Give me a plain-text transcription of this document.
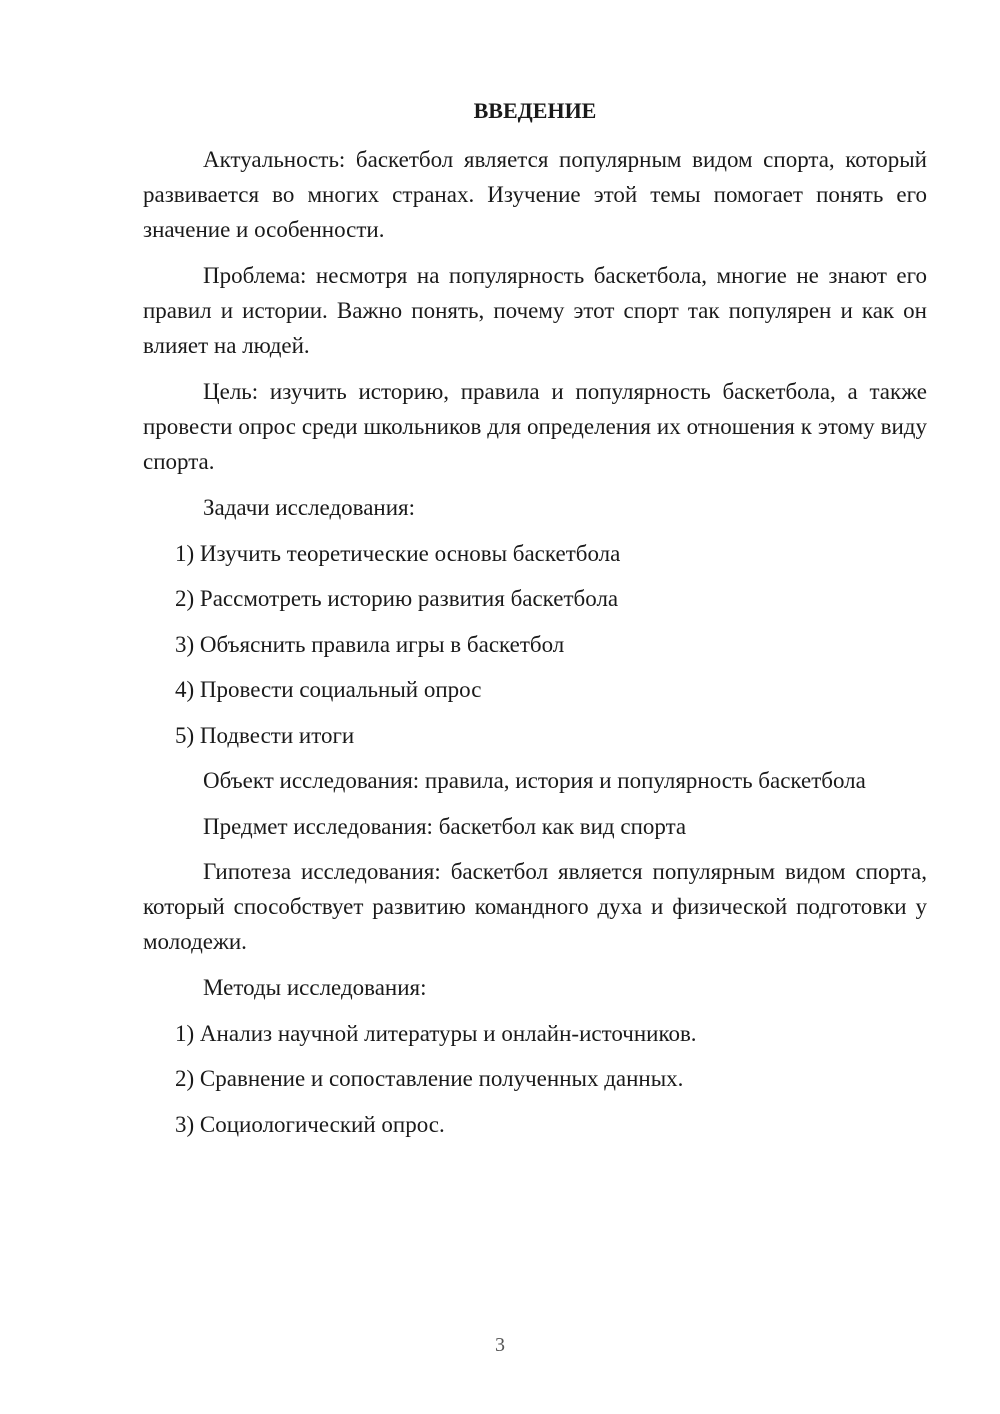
ВВЕДЕНИЕ

Актуальность: баскетбол является популярным видом спорта, который развивается во многих странах. Изучение этой темы помогает понять его значение и особенности.

Проблема: несмотря на популярность баскетбола, многие не знают его правил и истории. Важно понять, почему этот спорт так популярен и как он влияет на людей.

Цель: изучить историю, правила и популярность баскетбола, а также провести опрос среди школьников для определения их отношения к этому виду спорта.

Задачи исследования:

1) Изучить теоретические основы баскетбола

2) Рассмотреть историю развития баскетбола

3) Объяснить правила игры в баскетбол

4) Провести социальный опрос

5) Подвести итоги

Объект исследования: правила, история и популярность баскетбола

Предмет исследования: баскетбол как вид спорта

Гипотеза исследования: баскетбол является популярным видом спорта, который способствует развитию командного духа и физической подготовки у молодежи.

Методы исследования:

1) Анализ научной литературы и онлайн-источников.

2) Сравнение и сопоставление полученных данных.

3) Социологический опрос.

3
